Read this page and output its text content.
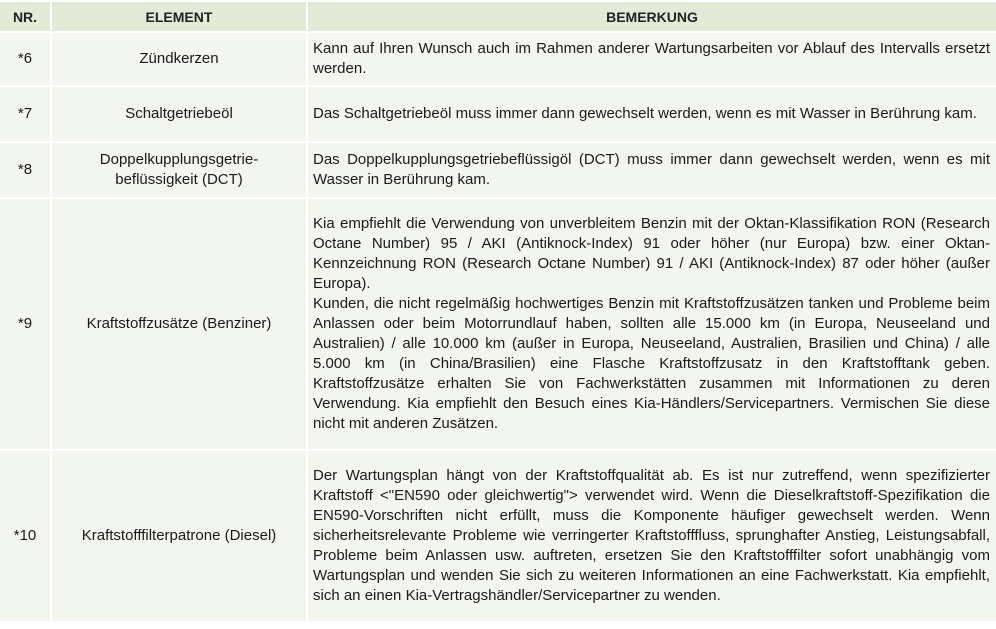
NR.	ELEMENT	BEMERKUNG
*6	Zündkerzen	Kann auf Ihren Wunsch auch im Rahmen anderer Wartungsarbeiten vor Ablauf des Intervalls ersetzt werden.

*7	Schaltgetriebeöl	Das Schaltgetriebeöl muss immer dann gewechselt werden, wenn es mit Wasser in Berührung kam.

*8	Doppelkupplungsgetrie-beflüssigkeit (DCT)	Das Doppelkupplungsgetriebeflüssigöl (DCT) muss immer dann gewechselt werden, wenn es mit Wasser in Berührung kam.

*9	Kraftstoffzusätze (Benziner)	Kia empfiehlt die Verwendung von unverbleitem Benzin mit der Oktan-Klassifikation RON (Research Octane Number) 95 / AKI (Antiknock-Index) 91 oder höher (nur Europa) bzw. einer Oktan-Kennzeichnung RON (Research Octane Number) 91 / AKI (Antiknock-Index) 87 oder höher (außer Europa).
Kunden, die nicht regelmäßig hochwertiges Benzin mit Kraftstoffzusätzen tanken und Probleme beim Anlassen oder beim Motorrundlauf haben, sollten alle 15.000 km (in Europa, Neuseeland und Australien) / alle 10.000 km (außer in Europa, Neuseeland, Australien, Brasilien und China) / alle 5.000 km (in China/Brasilien) eine Flasche Kraftstoffzusatz in den Kraftstofftank geben. Kraftstoffzusätze erhalten Sie von Fachwerkstätten zusammen mit Informationen zu deren Verwendung. Kia empfiehlt den Besuch eines Kia-Händlers/Servicepartners. Vermischen Sie diese nicht mit anderen Zusätzen.

*10	Kraftstofffilterpatrone (Diesel)	Der Wartungsplan hängt von der Kraftstoffqualität ab. Es ist nur zutreffend, wenn spezifizierter Kraftstoff <"EN590 oder gleichwertig"> verwendet wird. Wenn die Dieselkraftstoff-Spezifikation die EN590-Vorschriften nicht erfüllt, muss die Komponente häufiger gewechselt werden. Wenn sicherheitsrelevante Probleme wie verringerter Kraftstofffluss, sprunghafter Anstieg, Leistungsabfall, Probleme beim Anlassen usw. auftreten, ersetzen Sie den Kraftstofffilter sofort unabhängig vom Wartungsplan und wenden Sie sich zu weiteren Informationen an eine Fachwerkstatt. Kia empfiehlt, sich an einen Kia-Vertragshändler/Servicepartner zu wenden.
